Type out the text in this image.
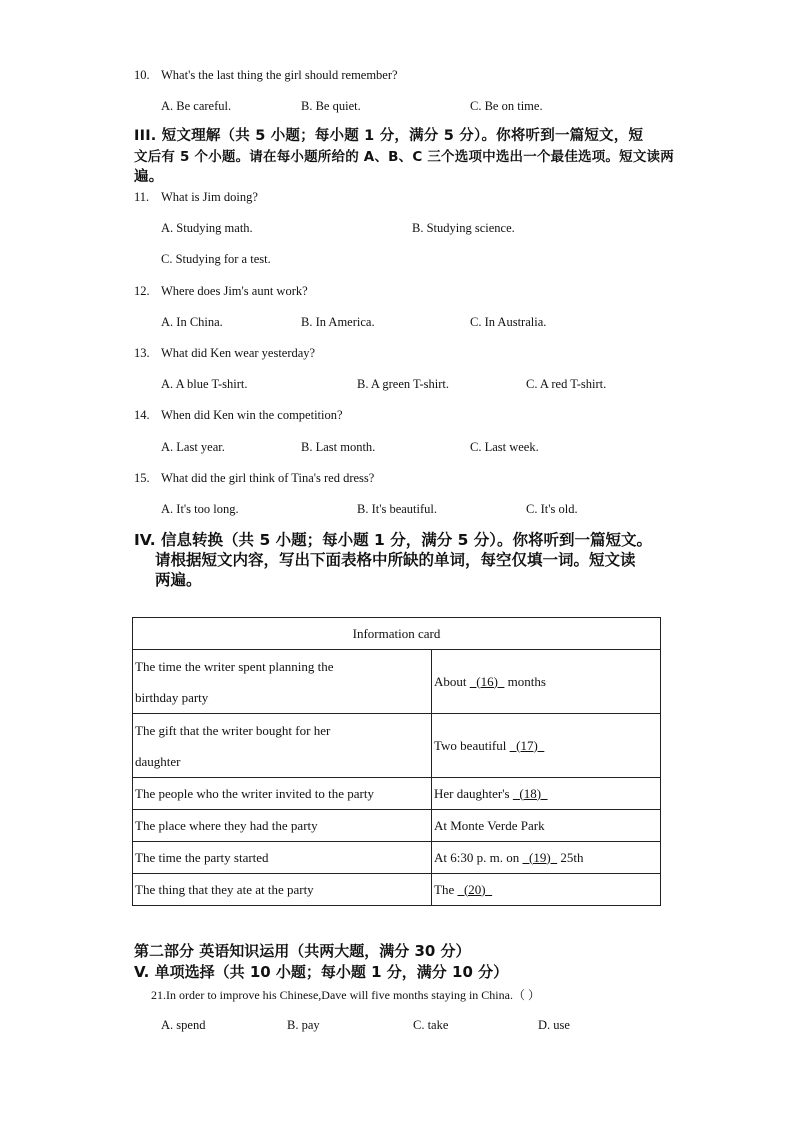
10. What's the last thing the girl should remember?
A. Be careful.	B. Be quiet.	C. Be on time.
III. 短文理解（共 5 小题；每小题 1 分，满分 5 分）。你将听到一篇短文，短
文后有 5 个小题。请在每小题所给的 A、B、C 三个选项中选出一个最佳选项。短文读两
遍。
11. What is Jim doing?
A. Studying math.	B. Studying science.
C. Studying for a test.
12. Where does Jim's aunt work?
A. In China.	B. In America.	C. In Australia.
13. What did Ken wear yesterday?
A. A blue T-shirt.	B. A green T-shirt.	C. A red T-shirt.
14. When did Ken win the competition?
A. Last year.	B. Last month.	C. Last week.
15. What did the girl think of Tina's red dress?
A. It's too long.	B. It's beautiful.	C. It's old.
IV. 信息转换（共 5 小题；每小题 1 分，满分 5 分）。你将听到一篇短文。
请根据短文内容，写出下面表格中所缺的单词，每空仅填一词。短文读
两遍。
Information card	

The time the writer spent planning the
birthday party	About   (16)   months

The gift that the writer bought for her
daughter	Two beautiful   (17)
The people who the writer invited to the party	Her daughter's   (18)
The place where they had the party	At Monte Verde Park
The time the party started	At 6:30 p. m. on   (19)   25th
The thing that they ate at the party	The   (20)
第二部分 英语知识运用（共两大题，满分 30 分）
V. 单项选择（共 10 小题；每小题 1 分，满分 10 分）
21.In order to improve his Chinese,Dave will five months staying in China.（ ）
A. spend	B. pay	C. take	D. use
